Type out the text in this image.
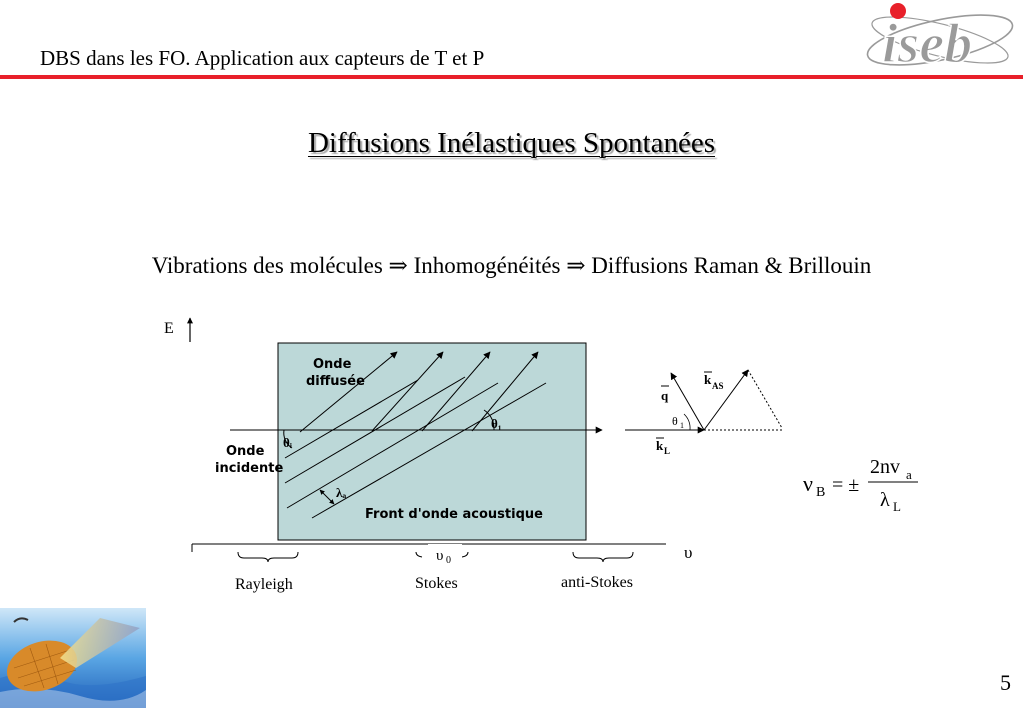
DBS dans les FO. Application aux capteurs de T et P	iseb
Diffusions Inélastiques Spontanées
Vibrations des molécules ⇒ Inhomogénéités ⇒ Diffusions Raman & Brillouin
E
Onde
diffusée
Onde
incidente
Front d'onde acoustique
θᵢ
θ₁
λₐ
υ
Rayleigh
υ 0
Stokes	anti-Stokes
q
k AS
k L
θ 1
ν B = ±
2nv a
λ L
5
